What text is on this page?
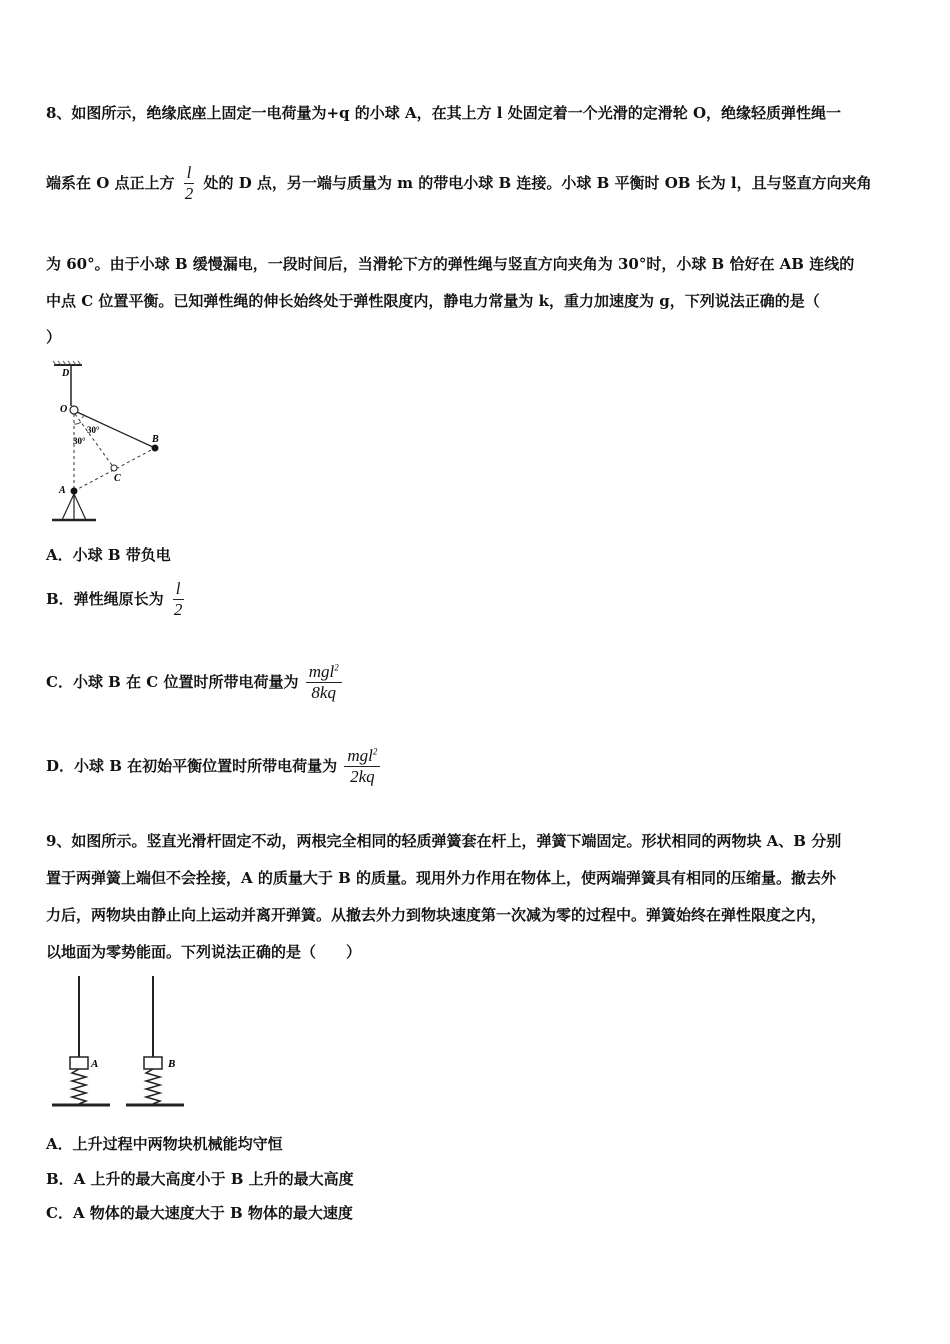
8、如图所示，绝缘底座上固定一电荷量为+q 的小球 A，在其上方 l 处固定着一个光滑的定滑轮 O，绝缘轻质弹性绳一
端系在 O 点正上方 $\frac{l}{2}$ 处的 D 点，另一端与质量为 m 的带电小球 B 连接。小球 B 平衡时 OB 长为 l，且与竖直方向夹角
为 60°。由于小球 B 缓慢漏电，一段时间后，当滑轮下方的弹性绳与竖直方向夹角为 30°时，小球 B 恰好在 AB 连线的
中点 C 位置平衡。已知弹性绳的伸长始终处于弹性限度内，静电力常量为 k，重力加速度为 g，下列说法正确的是（
）
D
O
30°
30°	B
C
A
A．小球 B 带负电
B．弹性绳原长为 $\frac{l}{2}$
C．小球 B 在 C 位置时所带电荷量为 $\frac{mgl^2}{8kq}$
D．小球 B 在初始平衡位置时所带电荷量为 $\frac{mgl^2}{2kq}$
9、如图所示。竖直光滑杆固定不动，两根完全相同的轻质弹簧套在杆上，弹簧下端固定。形状相同的两物块 A、B 分别
置于两弹簧上端但不会拴接，A 的质量大于 B 的质量。现用外力作用在物体上，使两端弹簧具有相同的压缩量。撤去外
力后，两物块由静止向上运动并离开弹簧。从撤去外力到物块速度第一次减为零的过程中。弹簧始终在弹性限度之内，
以地面为零势能面。下列说法正确的是（　　）
A	B
A．上升过程中两物块机械能均守恒
B．A 上升的最大高度小于 B 上升的最大高度
C．A 物体的最大速度大于 B 物体的最大速度
